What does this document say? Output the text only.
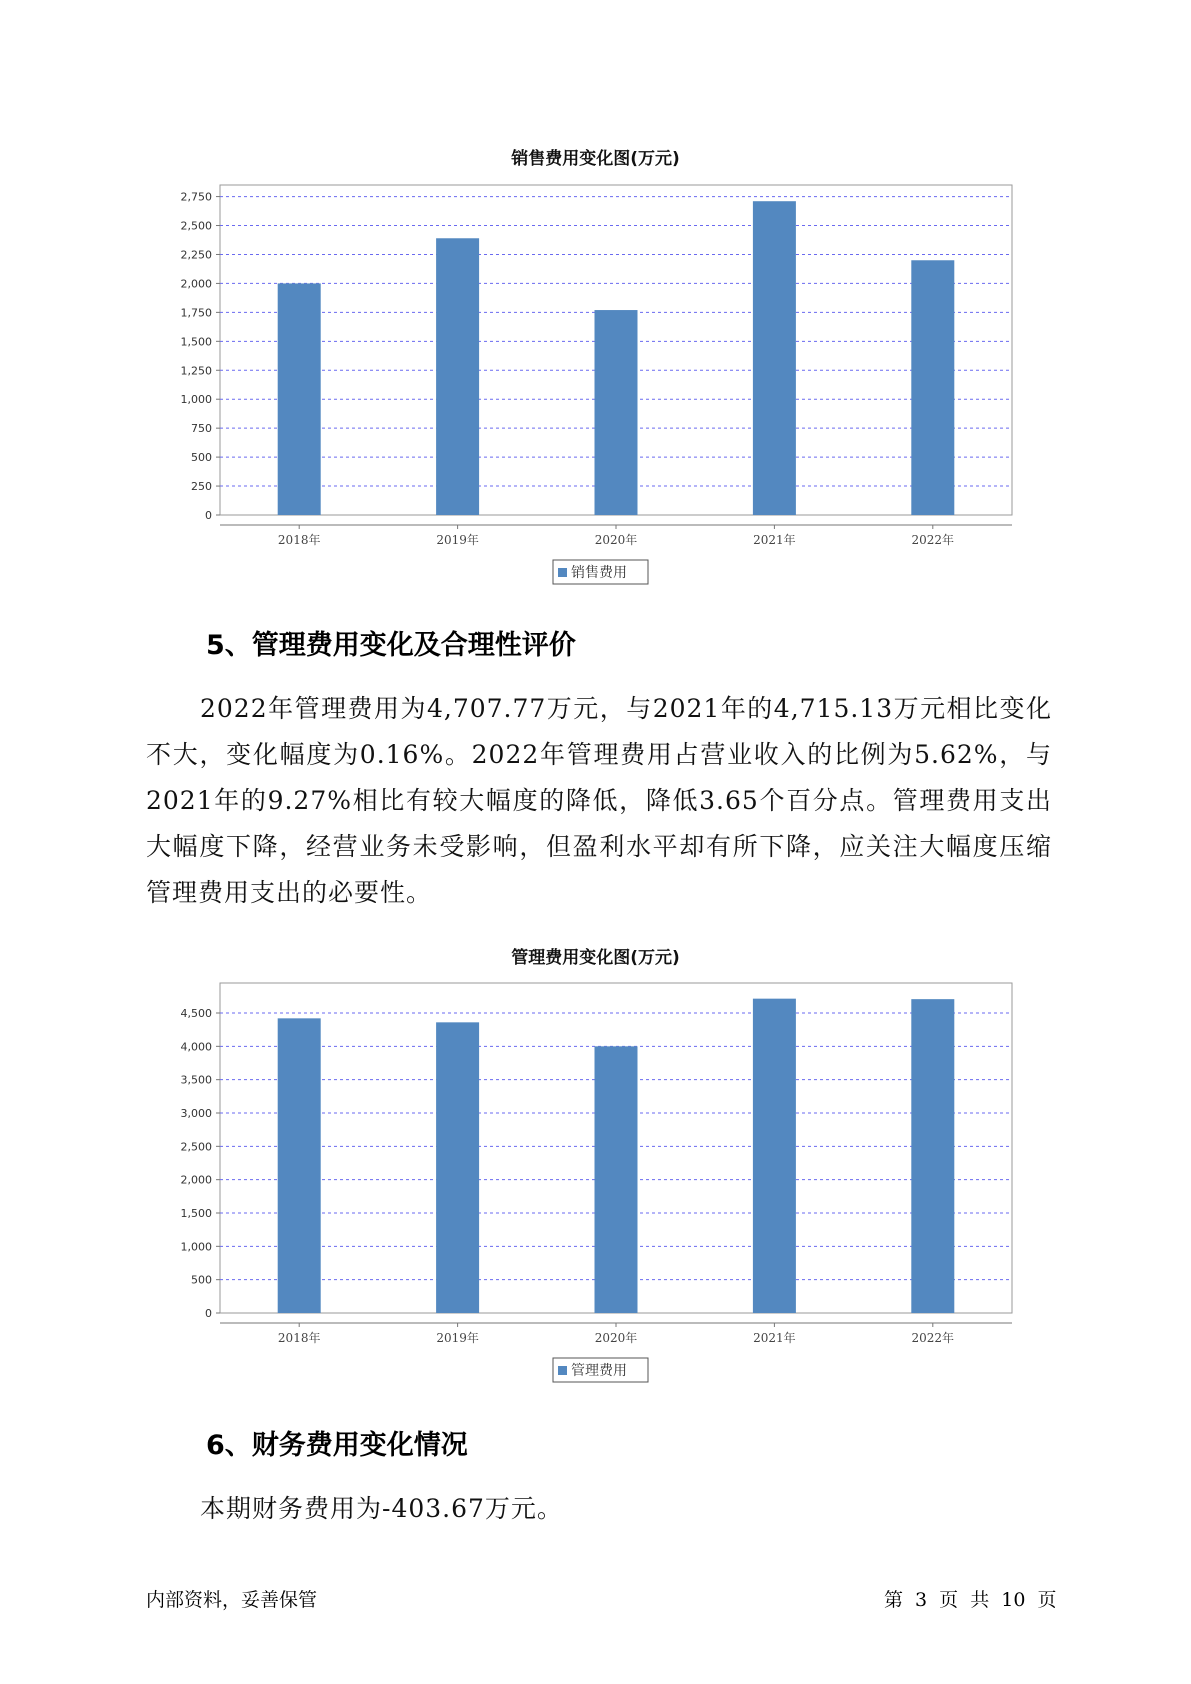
销售费用变化图(万元)
0
250
500
750
1,000
1,250
1,500
1,750
2,000
2,250
2,500
2,750
2018年	2019年	2020年	2021年	2022年
销售费用
5、管理费用变化及合理性评价

2022年管理费用为4,707.77万元，与2021年的4,715.13万元相比变化不大，变化幅度为0.16%。2022年管理费用占营业收入的比例为5.62%，与2021年的9.27%相比有较大幅度的降低，降低3.65个百分点。管理费用支出大幅度下降，经营业务未受影响，但盈利水平却有所下降，应关注大幅度压缩管理费用支出的必要性。

管理费用变化图(万元)
0
500
1,000
1,500
2,000
2,500
3,000
3,500
4,000
4,500
2018年	2019年	2020年	2021年	2022年
管理费用
6、财务费用变化情况
本期财务费用为-403.67万元。
内部资料，妥善保管	第 3 页 共 10 页
